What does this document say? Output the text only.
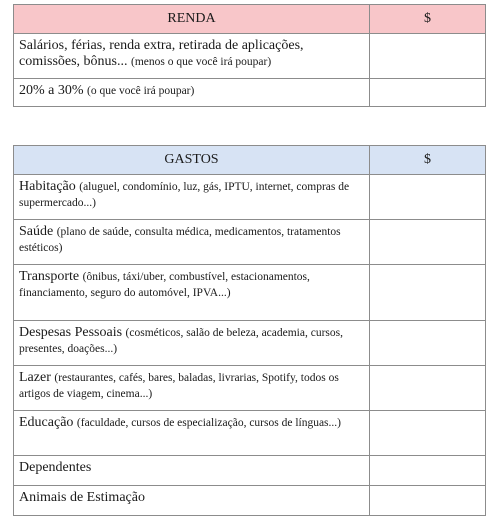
RENDA	$
Salários, férias, renda extra, retirada de aplicações, comissões, bônus... (menos o que você irá poupar)	
20% a 30% (o que você irá poupar)	
GASTOS	$
Habitação (aluguel, condomínio, luz, gás, IPTU, internet, compras de supermercado...)	
Saúde (plano de saúde, consulta médica, medicamentos, tratamentos estéticos)	
Transporte (ônibus, táxi/uber, combustível, estacionamentos, financiamento, seguro do automóvel, IPVA...)	
Despesas Pessoais (cosméticos, salão de beleza, academia, cursos, presentes, doações...)	
Lazer (restaurantes, cafés, bares, baladas, livrarias, Spotify, todos os artigos de viagem, cinema...)	
Educação (faculdade, cursos de especialização, cursos de línguas...)	
Dependentes	
Animais de Estimação	
